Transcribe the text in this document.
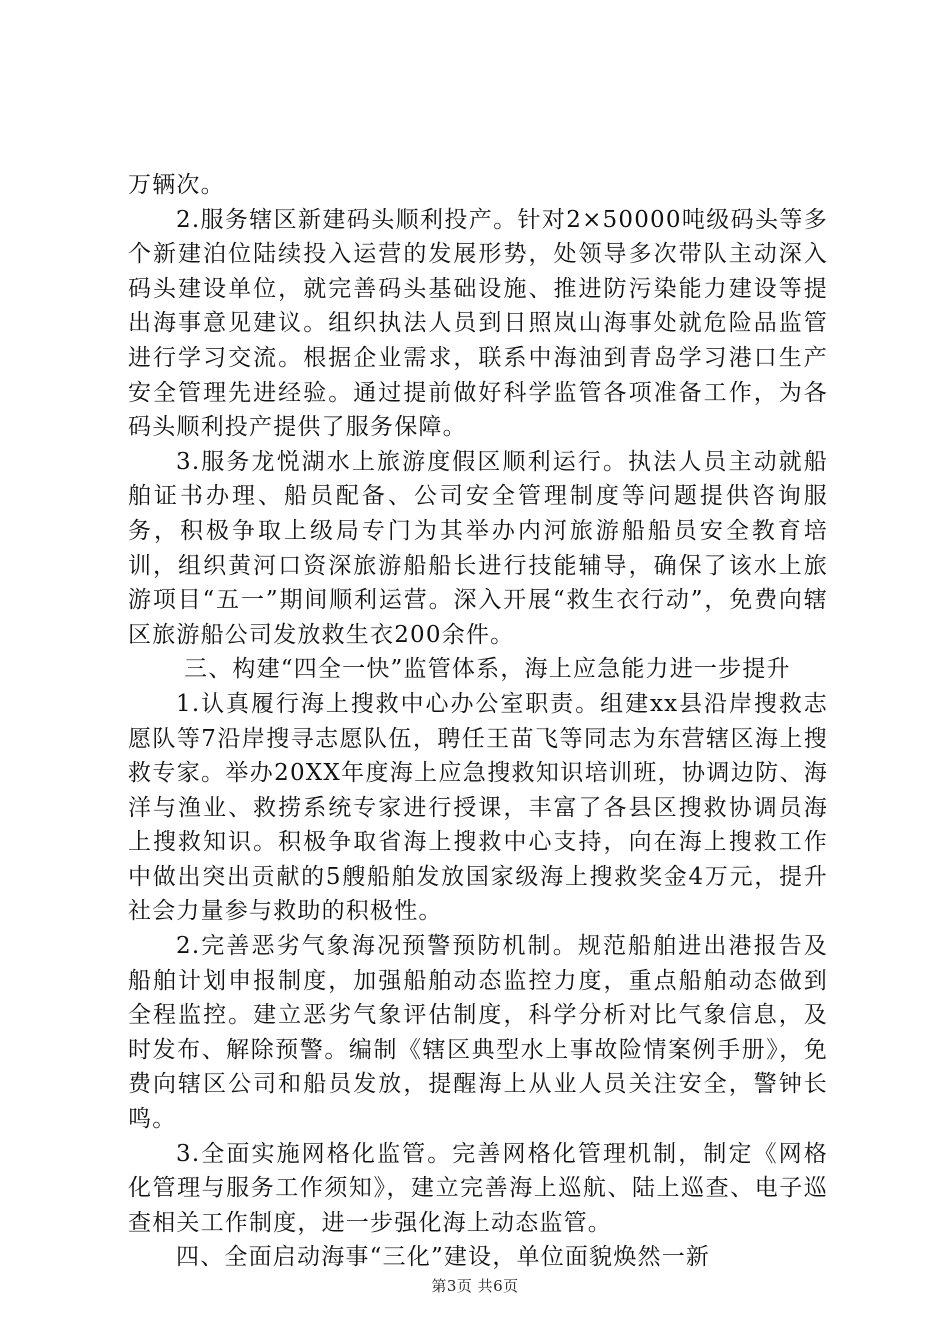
万辆次。

2.服务辖区新建码头顺利投产。针对2×50000吨级码头等多个新建泊位陆续投入运营的发展形势，处领导多次带队主动深入码头建设单位，就完善码头基础设施、推进防污染能力建设等提出海事意见建议。组织执法人员到日照岚山海事处就危险品监管进行学习交流。根据企业需求，联系中海油到青岛学习港口生产安全管理先进经验。通过提前做好科学监管各项准备工作，为各码头顺利投产提供了服务保障。

3.服务龙悦湖水上旅游度假区顺利运行。执法人员主动就船舶证书办理、船员配备、公司安全管理制度等问题提供咨询服务，积极争取上级局专门为其举办内河旅游船船员安全教育培训，组织黄河口资深旅游船船长进行技能辅导，确保了该水上旅游项目“五一”期间顺利运营。深入开展“救生衣行动”，免费向辖区旅游船公司发放救生衣200余件。

三、构建“四全一快”监管体系，海上应急能力进一步提升

1.认真履行海上搜救中心办公室职责。组建xx县沿岸搜救志愿队等7沿岸搜寻志愿队伍，聘任王苗飞等同志为东营辖区海上搜救专家。举办20XX年度海上应急搜救知识培训班，协调边防、海洋与渔业、救捞系统专家进行授课，丰富了各县区搜救协调员海上搜救知识。积极争取省海上搜救中心支持，向在海上搜救工作中做出突出贡献的5艘船舶发放国家级海上搜救奖金4万元，提升社会力量参与救助的积极性。

2.完善恶劣气象海况预警预防机制。规范船舶进出港报告及船舶计划申报制度，加强船舶动态监控力度，重点船舶动态做到全程监控。建立恶劣气象评估制度，科学分析对比气象信息，及时发布、解除预警。编制《辖区典型水上事故险情案例手册》，免费向辖区公司和船员发放，提醒海上从业人员关注安全，警钟长鸣。

3.全面实施网格化监管。完善网格化管理机制，制定《网格化管理与服务工作须知》，建立完善海上巡航、陆上巡查、电子巡查相关工作制度，进一步强化海上动态监管。

四、全面启动海事“三化”建设，单位面貌焕然一新

第3页 共6页
